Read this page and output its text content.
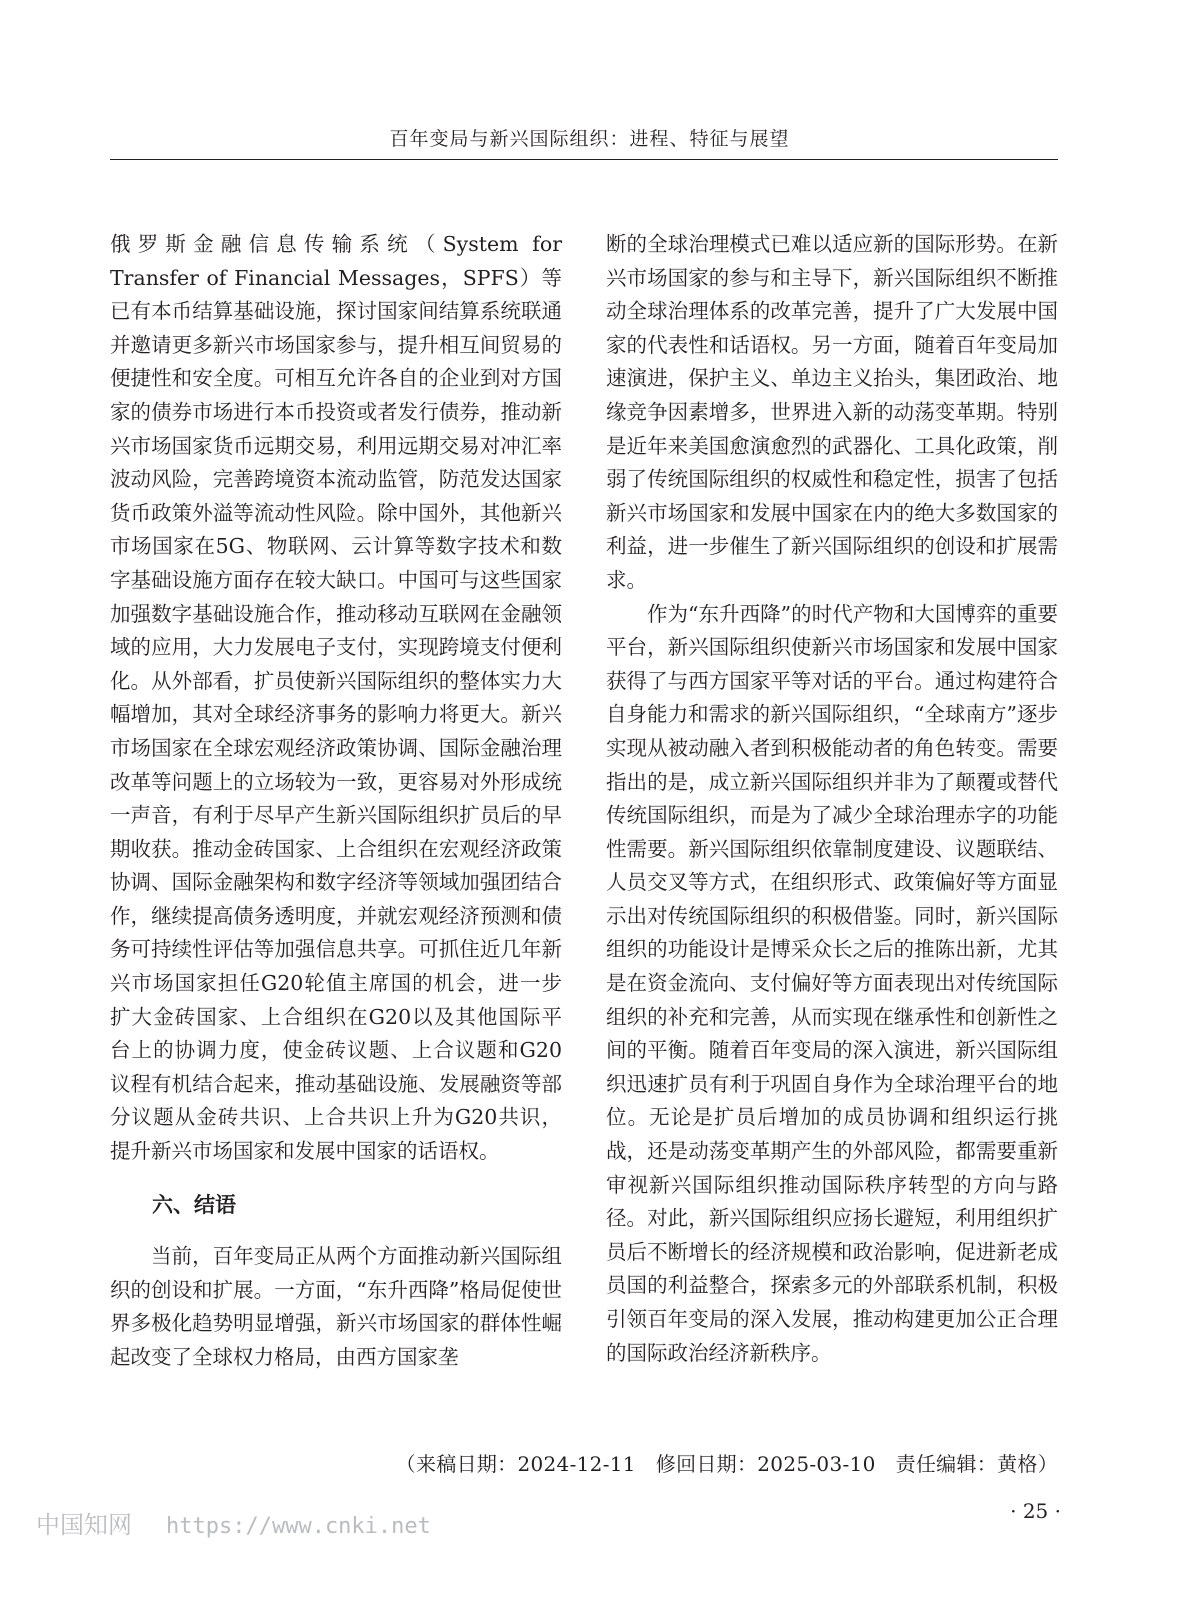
百年变局与新兴国际组织：进程、特征与展望

俄罗斯金融信息传输系统（System for Transfer of Financial Messages，SPFS）等已有本币结算基础设施，探讨国家间结算系统联通并邀请更多新兴市场国家参与，提升相互间贸易的便捷性和安全度。可相互允许各自的企业到对方国家的债券市场进行本币投资或者发行债券，推动新兴市场国家货币远期交易，利用远期交易对冲汇率波动风险，完善跨境资本流动监管，防范发达国家货币政策外溢等流动性风险。除中国外，其他新兴市场国家在5G、物联网、云计算等数字技术和数字基础设施方面存在较大缺口。中国可与这些国家加强数字基础设施合作，推动移动互联网在金融领域的应用，大力发展电子支付，实现跨境支付便利化。从外部看，扩员使新兴国际组织的整体实力大幅增加，其对全球经济事务的影响力将更大。新兴市场国家在全球宏观经济政策协调、国际金融治理改革等问题上的立场较为一致，更容易对外形成统一声音，有利于尽早产生新兴国际组织扩员后的早期收获。推动金砖国家、上合组织在宏观经济政策协调、国际金融架构和数字经济等领域加强团结合作，继续提高债务透明度，并就宏观经济预测和债务可持续性评估等加强信息共享。可抓住近几年新兴市场国家担任G20轮值主席国的机会，进一步扩大金砖国家、上合组织在G20以及其他国际平台上的协调力度，使金砖议题、上合议题和G20议程有机结合起来，推动基础设施、发展融资等部分议题从金砖共识、上合共识上升为G20共识，提升新兴市场国家和发展中国家的话语权。

六、结语

当前，百年变局正从两个方面推动新兴国际组织的创设和扩展。一方面，“东升西降”格局促使世界多极化趋势明显增强，新兴市场国家的群体性崛起改变了全球权力格局，由西方国家垄

断的全球治理模式已难以适应新的国际形势。在新兴市场国家的参与和主导下，新兴国际组织不断推动全球治理体系的改革完善，提升了广大发展中国家的代表性和话语权。另一方面，随着百年变局加速演进，保护主义、单边主义抬头，集团政治、地缘竞争因素增多，世界进入新的动荡变革期。特别是近年来美国愈演愈烈的武器化、工具化政策，削弱了传统国际组织的权威性和稳定性，损害了包括新兴市场国家和发展中国家在内的绝大多数国家的利益，进一步催生了新兴国际组织的创设和扩展需求。

作为“东升西降”的时代产物和大国博弈的重要平台，新兴国际组织使新兴市场国家和发展中国家获得了与西方国家平等对话的平台。通过构建符合自身能力和需求的新兴国际组织，“全球南方”逐步实现从被动融入者到积极能动者的角色转变。需要指出的是，成立新兴国际组织并非为了颠覆或替代传统国际组织，而是为了减少全球治理赤字的功能性需要。新兴国际组织依靠制度建设、议题联结、人员交叉等方式，在组织形式、政策偏好等方面显示出对传统国际组织的积极借鉴。同时，新兴国际组织的功能设计是博采众长之后的推陈出新，尤其是在资金流向、支付偏好等方面表现出对传统国际组织的补充和完善，从而实现在继承性和创新性之间的平衡。随着百年变局的深入演进，新兴国际组织迅速扩员有利于巩固自身作为全球治理平台的地位。无论是扩员后增加的成员协调和组织运行挑战，还是动荡变革期产生的外部风险，都需要重新审视新兴国际组织推动国际秩序转型的方向与路径。对此，新兴国际组织应扬长避短，利用组织扩员后不断增长的经济规模和政治影响，促进新老成员国的利益整合，探索多元的外部联系机制，积极引领百年变局的深入发展，推动构建更加公正合理的国际政治经济新秩序。

（来稿日期：2024-12-11 修回日期：2025-03-10 责任编辑：黄格）
中国知网 https://www.cnki.net
· 25 ·
